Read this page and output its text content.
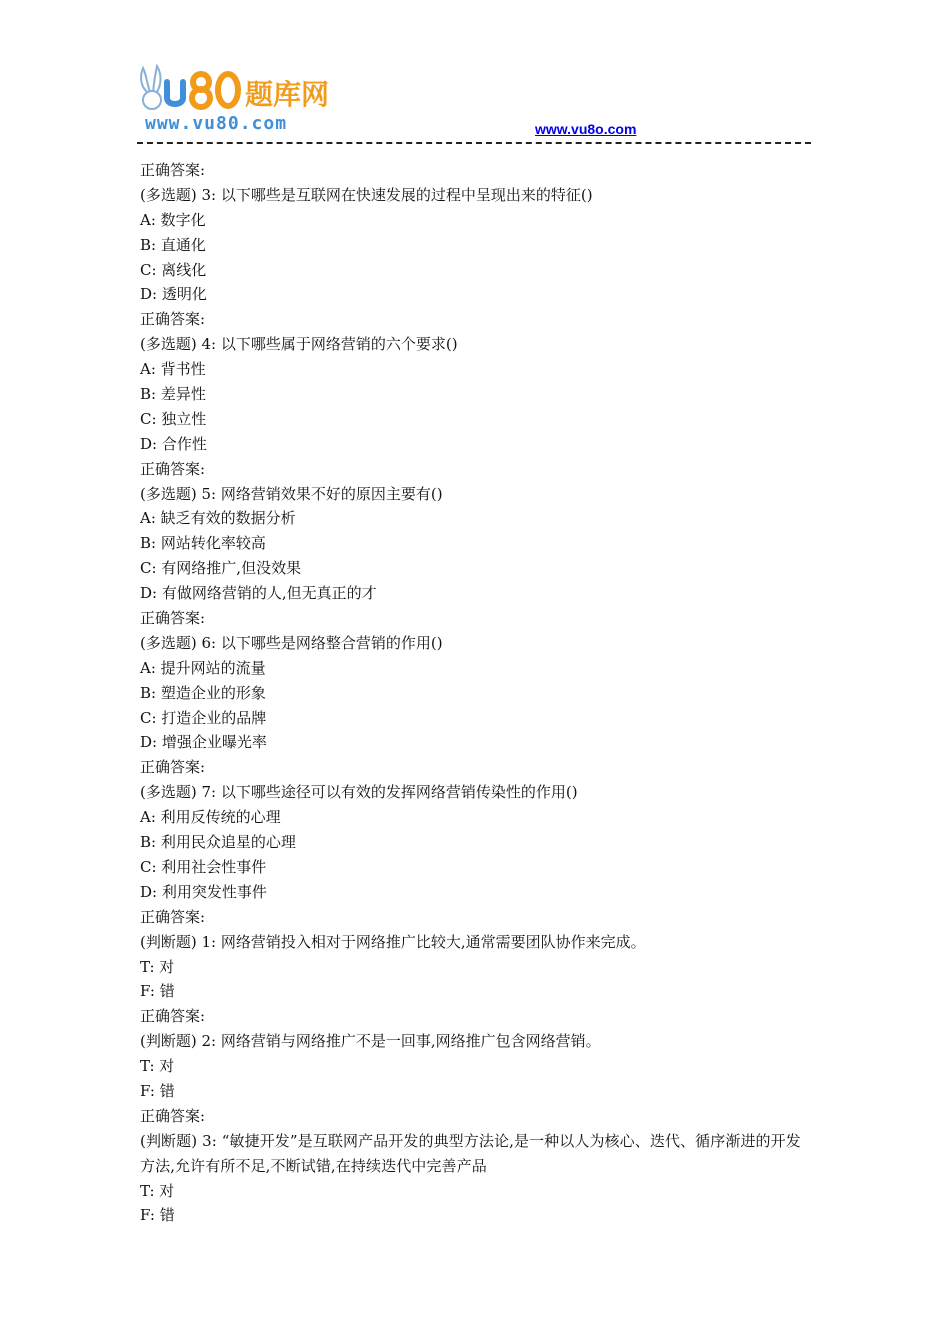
题库网
www.vu80.com	www.vu8o.com
正确答案:
(多选题) 3: 以下哪些是互联网在快速发展的过程中呈现出来的特征()
A: 数字化
B: 直通化
C: 离线化
D: 透明化
正确答案:
(多选题) 4: 以下哪些属于网络营销的六个要求()
A: 背书性
B: 差异性
C: 独立性
D: 合作性
正确答案:
(多选题) 5: 网络营销效果不好的原因主要有()
A: 缺乏有效的数据分析
B: 网站转化率较高
C: 有网络推广,但没效果
D: 有做网络营销的人,但无真正的才
正确答案:
(多选题) 6: 以下哪些是网络整合营销的作用()
A: 提升网站的流量
B: 塑造企业的形象
C: 打造企业的品牌
D: 增强企业曝光率
正确答案:
(多选题) 7: 以下哪些途径可以有效的发挥网络营销传染性的作用()
A: 利用反传统的心理
B: 利用民众追星的心理
C: 利用社会性事件
D: 利用突发性事件
正确答案:
(判断题) 1: 网络营销投入相对于网络推广比较大,通常需要团队协作来完成。
T: 对
F: 错
正确答案:
(判断题) 2: 网络营销与网络推广不是一回事,网络推广包含网络营销。
T: 对
F: 错
正确答案:
(判断题) 3: “敏捷开发”是互联网产品开发的典型方法论,是一种以人为核心、迭代、循序渐进的开发方法,允许有所不足,不断试错,在持续迭代中完善产品
T: 对
F: 错
